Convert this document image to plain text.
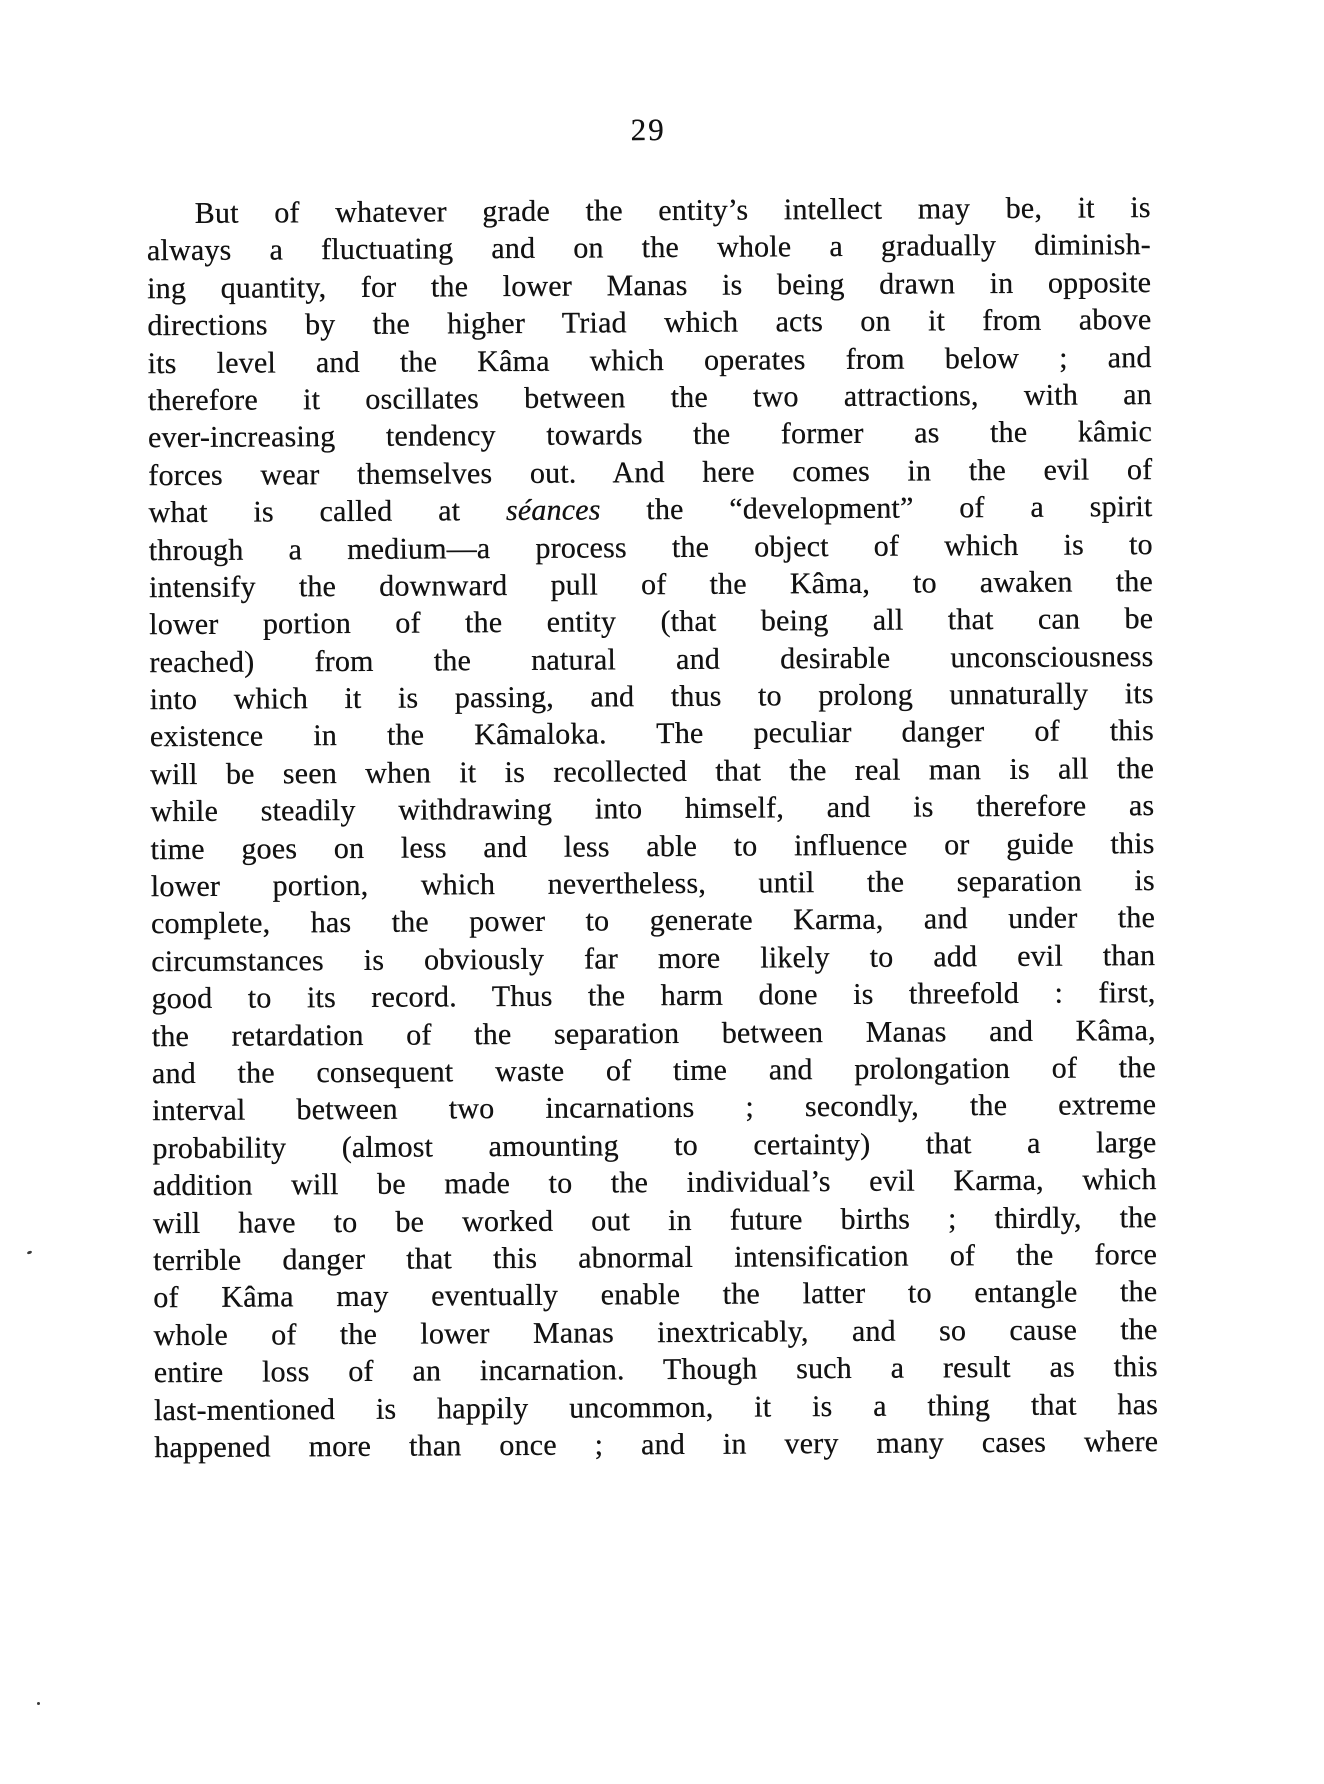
29
But of whatever grade the entity’s intellect may be, it is
always a fluctuating and on the whole a gradually diminish-
ing quantity, for the lower Manas is being drawn in opposite
directions by the higher Triad which acts on it from above
its level and the Kâma which operates from below ; and
therefore it oscillates between the two attractions, with an
ever-increasing tendency towards the former as the kâmic
forces wear themselves out. And here comes in the evil of
what is called at séances the “development” of a spirit
through a medium—a process the object of which is to
intensify the downward pull of the Kâma, to awaken the
lower portion of the entity (that being all that can be
reached) from the natural and desirable unconsciousness
into which it is passing, and thus to prolong unnaturally its
existence in the Kâmaloka. The peculiar danger of this
will be seen when it is recollected that the real man is all the
while steadily withdrawing into himself, and is therefore as
time goes on less and less able to influence or guide this
lower portion, which nevertheless, until the separation is
complete, has the power to generate Karma, and under the
circumstances is obviously far more likely to add evil than
good to its record. Thus the harm done is threefold : first,
the retardation of the separation between Manas and Kâma,
and the consequent waste of time and prolongation of the
interval between two incarnations ; secondly, the extreme
probability (almost amounting to certainty) that a large
addition will be made to the individual’s evil Karma, which
will have to be worked out in future births ; thirdly, the
terrible danger that this abnormal intensification of the force
of Kâma may eventually enable the latter to entangle the
whole of the lower Manas inextricably, and so cause the
entire loss of an incarnation. Though such a result as this
last-mentioned is happily uncommon, it is a thing that has
happened more than once ; and in very many cases where
